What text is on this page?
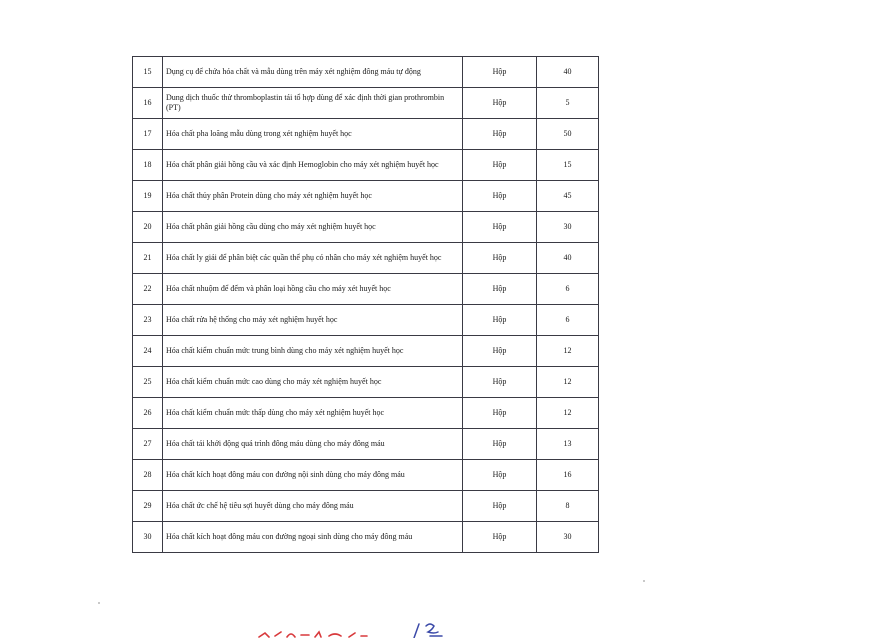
15	Dụng cụ để chứa hóa chất và mẫu dùng trên máy xét nghiệm đông máu tự động	Hộp	40
16	Dung dịch thuốc thử thromboplastin tái tổ hợp dùng để xác định thời gian prothrombin (PT)	Hộp	5
17	Hóa chất pha loãng mẫu dùng trong xét nghiệm huyết học	Hộp	50
18	Hóa chất phân giải hồng cầu và xác định Hemoglobin cho máy xét nghiệm huyết học	Hộp	15
19	Hóa chất thủy phân Protein dùng cho máy xét nghiệm huyết học	Hộp	45
20	Hóa chất phân giải hồng cầu dùng cho máy xét nghiệm huyết học	Hộp	30
21	Hóa chất ly giải để phân biệt các quần thể phụ có nhân cho máy xét nghiệm huyết học	Hộp	40
22	Hóa chất nhuộm để đếm và phân loại hồng cầu cho máy xét huyết học	Hộp	6
23	Hóa chất rửa hệ thống cho máy xét nghiệm huyết học	Hộp	6
24	Hóa chất kiểm chuẩn mức trung bình dùng cho máy xét nghiệm huyết học	Hộp	12
25	Hóa chất kiểm chuẩn mức cao dùng cho máy xét nghiệm huyết học	Hộp	12
26	Hóa chất kiểm chuẩn mức thấp dùng cho máy xét nghiệm huyết học	Hộp	12
27	Hóa chất tái khởi động quá trình đông máu dùng cho máy đông máu	Hộp	13
28	Hóa chất kích hoạt đông máu con đường nội sinh dùng cho máy đông máu	Hộp	16
29	Hóa chất ức chế hệ tiêu sợi huyết dùng cho máy đông máu	Hộp	8
30	Hóa chất kích hoạt đông máu con đường ngoại sinh dùng cho máy đông máu	Hộp	30
